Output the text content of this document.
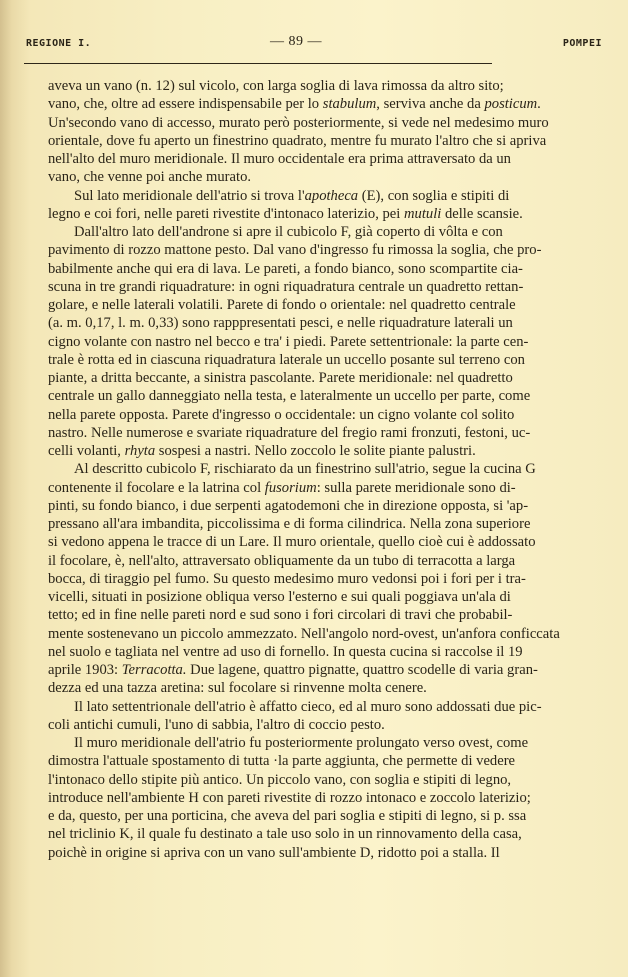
REGIONE I.	— 89 —	POMPEI
aveva un vano (n. 12) sul vicolo, con larga soglia di lava rimossa da altro sito;
vano, che, oltre ad essere indispensabile per lo stabulum, serviva anche da posticum.
Un'secondo vano di accesso, murato però posteriormente, si vede nel medesimo muro
orientale, dove fu aperto un finestrino quadrato, mentre fu murato l'altro che si apriva
nell'alto del muro meridionale. Il muro occidentale era prima attraversato da un
vano, che venne poi anche murato.
Sul lato meridionale dell'atrio si trova l'apotheca (E), con soglia e stipiti di
legno e coi fori, nelle pareti rivestite d'intonaco laterizio, pei mutuli delle scansie.
Dall'altro lato dell'androne si apre il cubicolo F, già coperto di vôlta e con
pavimento di rozzo mattone pesto. Dal vano d'ingresso fu rimossa la soglia, che pro-
babilmente anche qui era di lava. Le pareti, a fondo bianco, sono scompartite cia-
scuna in tre grandi riquadrature: in ogni riquadratura centrale un quadretto rettan-
golare, e nelle laterali volatili. Parete di fondo o orientale: nel quadretto centrale
(a. m. 0,17, l. m. 0,33) sono rapppresentati pesci, e nelle riquadrature laterali un
cigno volante con nastro nel becco e tra' i piedi. Parete settentrionale: la parte cen-
trale è rotta ed in ciascuna riquadratura laterale un uccello posante sul terreno con
piante, a dritta beccante, a sinistra pascolante. Parete meridionale: nel quadretto
centrale un gallo danneggiato nella testa, e lateralmente un uccello per parte, come
nella parete opposta. Parete d'ingresso o occidentale: un cigno volante col solito
nastro. Nelle numerose e svariate riquadrature del fregio rami fronzuti, festoni, uc-
celli volanti, rhyta sospesi a nastri. Nello zoccolo le solite piante palustri.
Al descritto cubicolo F, rischiarato da un finestrino sull'atrio, segue la cucina G
contenente il focolare e la latrina col fusorium: sulla parete meridionale sono di-
pinti, su fondo bianco, i due serpenti agatodemoni che in direzione opposta, si 'ap-
pressano all'ara imbandita, piccolissima e di forma cilindrica. Nella zona superiore
si vedono appena le tracce di un Lare. Il muro orientale, quello cioè cui è addossato
il focolare, è, nell'alto, attraversato obliquamente da un tubo di terracotta a larga
bocca, di tiraggio pel fumo. Su questo medesimo muro vedonsi poi i fori per i tra-
vicelli, situati in posizione obliqua verso l'esterno e sui quali poggiava un'ala di
tetto; ed in fine nelle pareti nord e sud sono i fori circolari di travi che probabil-
mente sostenevano un piccolo ammezzato. Nell'angolo nord-ovest, un'anfora conficcata
nel suolo e tagliata nel ventre ad uso di fornello. In questa cucina si raccolse il 19
aprile 1903: Terracotta. Due lagene, quattro pignatte, quattro scodelle di varia gran-
dezza ed una tazza aretina: sul focolare si rinvenne molta cenere.
Il lato settentrionale dell'atrio è affatto cieco, ed al muro sono addossati due pic-
coli antichi cumuli, l'uno di sabbia, l'altro di coccio pesto.
Il muro meridionale dell'atrio fu posteriormente prolungato verso ovest, come
dimostra l'attuale spostamento di tutta ·la parte aggiunta, che permette di vedere
l'intonaco dello stipite più antico. Un piccolo vano, con soglia e stipiti di legno,
introduce nell'ambiente H con pareti rivestite di rozzo intonaco e zoccolo laterizio;
e da, questo, per una porticina, che aveva del pari soglia e stipiti di legno, si p. ssa
nel triclinio K, il quale fu destinato a tale uso solo in un rinnovamento della casa,
poichè in origine si apriva con un vano sull'ambiente D, ridotto poi a stalla. Il
